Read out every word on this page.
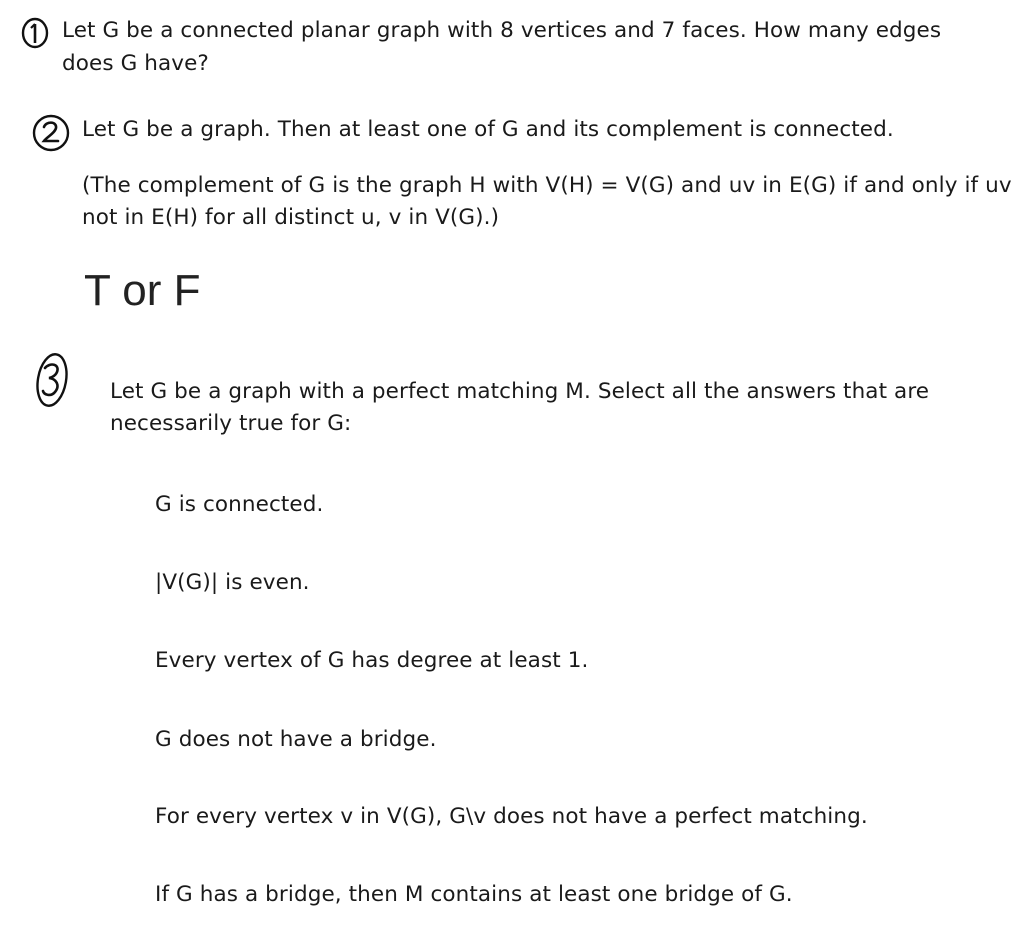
Let G be a connected planar graph with 8 vertices and 7 faces. How many edges
does G have?
Let G be a graph. Then at least one of G and its complement is connected.
(The complement of G is the graph H with V(H) = V(G) and uv in E(G) if and only if uv
not in E(H) for all distinct u, v in V(G).)
T or F
Let G be a graph with a perfect matching M. Select all the answers that are
necessarily true for G:
G is connected.
|V(G)| is even.
Every vertex of G has degree at least 1.
G does not have a bridge.
For every vertex v in V(G), G\v does not have a perfect matching.
If G has a bridge, then M contains at least one bridge of G.
